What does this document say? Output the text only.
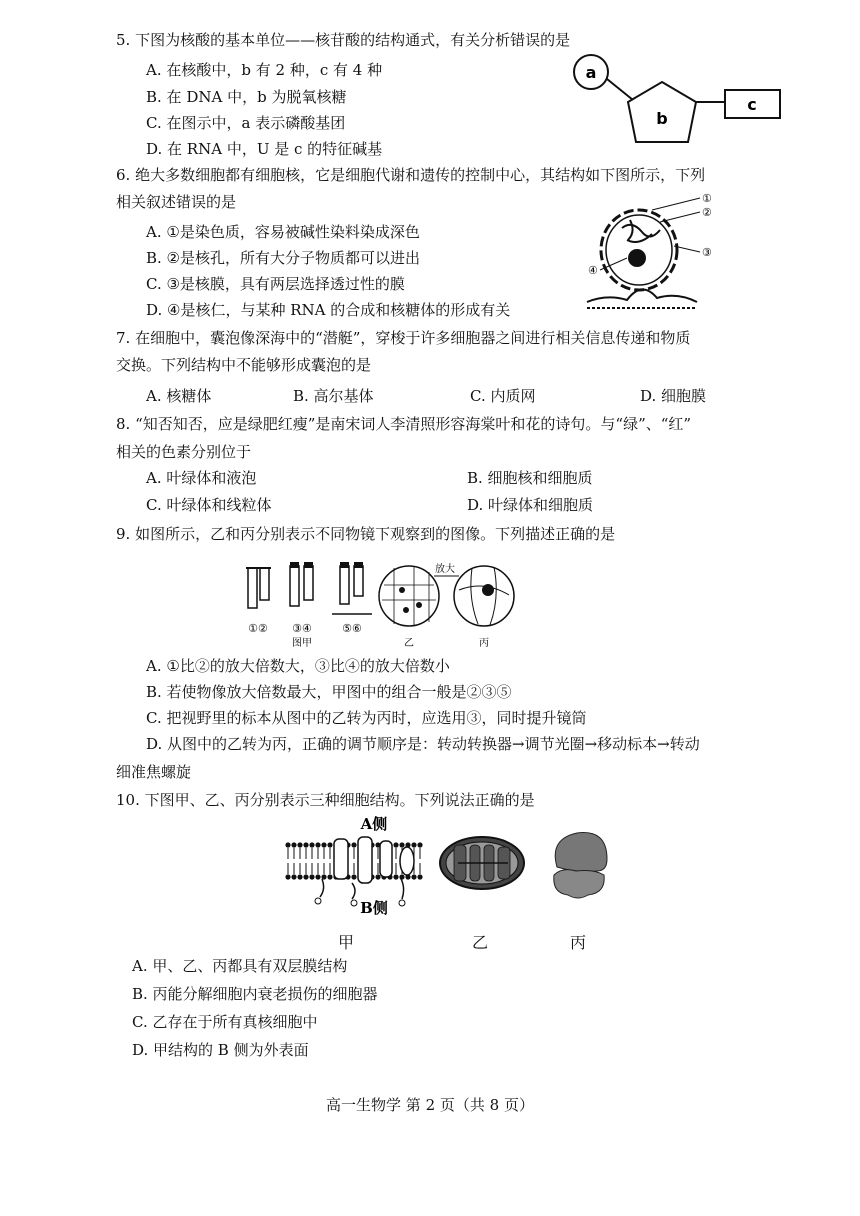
5. 下图为核酸的基本单位——核苷酸的结构通式，有关分析错误的是
A. 在核酸中，b 有 2 种，c 有 4 种
B. 在 DNA 中，b 为脱氧核糖
C. 在图示中，a 表示磷酸基团
D. 在 RNA 中，U 是 c 的特征碱基
a
b
c
6. 绝大多数细胞都有细胞核，它是细胞代谢和遗传的控制中心，其结构如下图所示，下列
相关叙述错误的是
A. ①是染色质，容易被碱性染料染成深色
B. ②是核孔，所有大分子物质都可以进出
C. ③是核膜，具有两层选择透过性的膜
D. ④是核仁，与某种 RNA 的合成和核糖体的形成有关
①
②
③
④
7. 在细胞中，囊泡像深海中的“潜艇”，穿梭于许多细胞器之间进行相关信息传递和物质
交换。下列结构中不能够形成囊泡的是
A. 核糖体	B. 高尔基体	C. 内质网	D. 细胞膜
8. “知否知否，应是绿肥红瘦”是南宋词人李清照形容海棠叶和花的诗句。与“绿”、“红”
相关的色素分别位于
A. 叶绿体和液泡	B. 细胞核和细胞质
C. 叶绿体和线粒体	D. 叶绿体和细胞质
9. 如图所示，乙和丙分别表示不同物镜下观察到的图像。下列描述正确的是
放大
①② ③④	⑤⑥
图甲	乙	丙
A. ①比②的放大倍数大，③比④的放大倍数小
B. 若使物像放大倍数最大，甲图中的组合一般是②③⑤
C. 把视野里的标本从图中的乙转为丙时，应选用③，同时提升镜筒
D. 从图中的乙转为丙，正确的调节顺序是：转动转换器→调节光圈→移动标本→转动
细准焦螺旋
10. 下图甲、乙、丙分别表示三种细胞结构。下列说法正确的是
A侧
B侧
甲	乙	丙
A. 甲、乙、丙都具有双层膜结构
B. 丙能分解细胞内衰老损伤的细胞器
C. 乙存在于所有真核细胞中
D. 甲结构的 B 侧为外表面
高一生物学 第 2 页（共 8 页）
